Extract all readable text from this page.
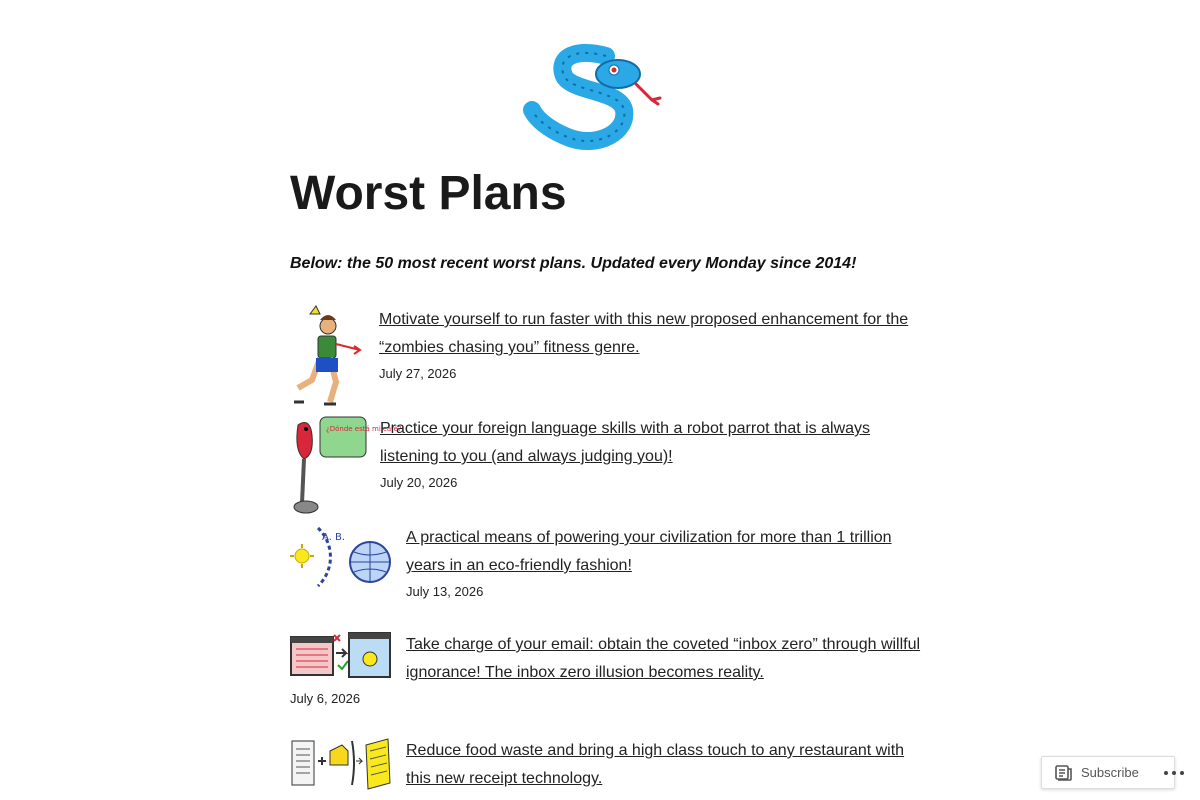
Worst Plans

Below: the 50 most recent worst plans. Updated every Monday since 2014!

Motivate yourself to run faster with this new proposed enhancement for the “zombies chasing you” fitness genre.
July 27, 2026
¿Dónde está mi café?
Practice your foreign language skills with a robot parrot that is always listening to you (and always judging you)!
July 20, 2026
A. B.	A practical means of powering your civilization for more than 1 trillion years in an eco-friendly fashion!
July 13, 2026
Take charge of your email: obtain the coveted “inbox zero” through willful ignorance! The inbox zero illusion becomes reality.
July 6, 2026
Reduce food waste and bring a high class touch to any restaurant with this new receipt technology.	Subscribe
